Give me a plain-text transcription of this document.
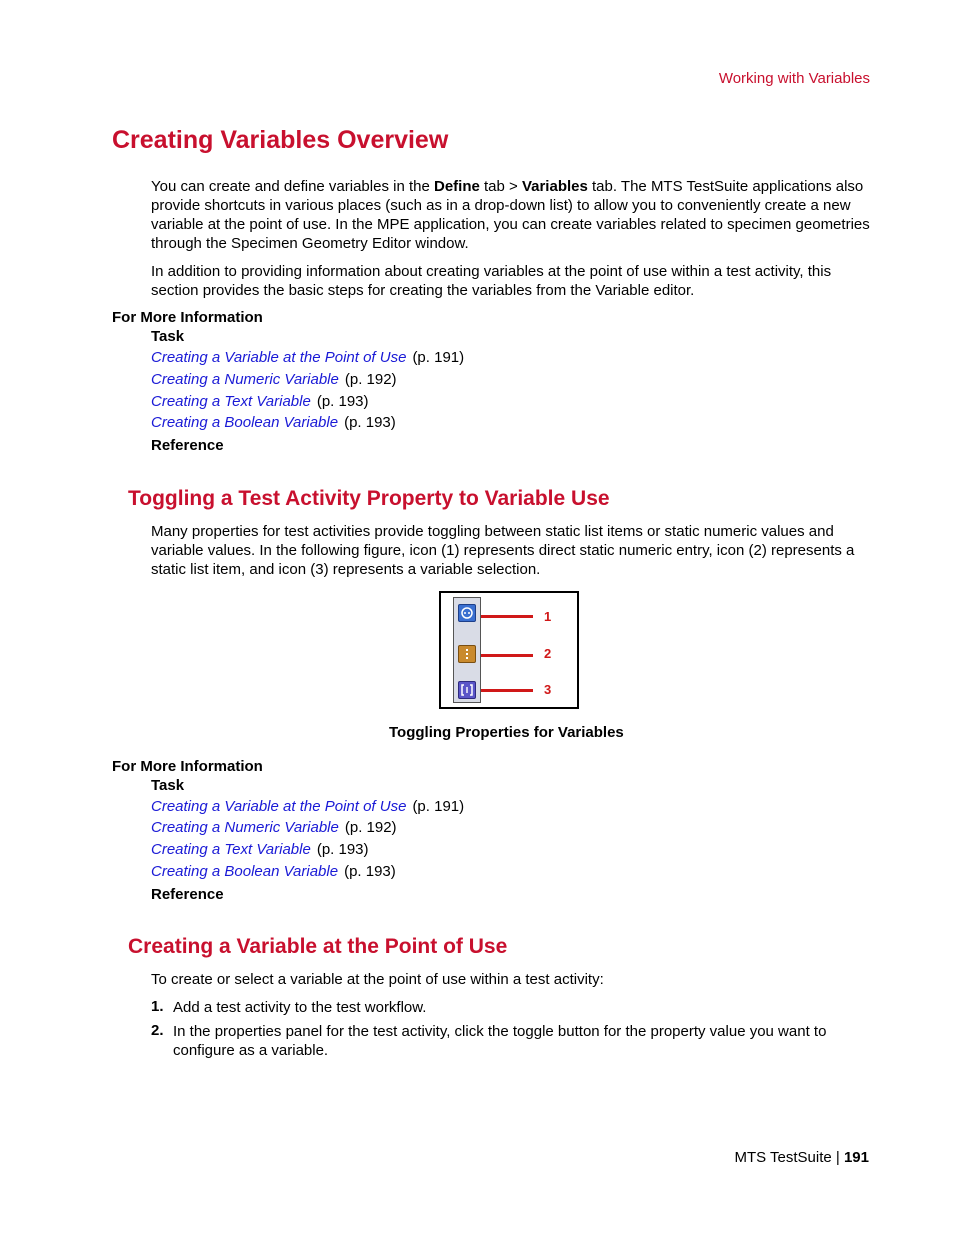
Working with Variables
Creating Variables Overview

You can create and define variables in the Define tab > Variables tab. The MTS TestSuite applications also provide shortcuts in various places (such as in a drop-down list) to allow you to conveniently create a new variable at the point of use. In the MPE application, you can create variables related to specimen geometries through the Specimen Geometry Editor window.

In addition to providing information about creating variables at the point of use within a test activity, this section provides the basic steps for creating the variables from the Variable editor.

For More Information
Task
Creating a Variable at the Point of Use (p. 191)
Creating a Numeric Variable (p. 192)
Creating a Text Variable (p. 193)
Creating a Boolean Variable (p. 193)
Reference
Toggling a Test Activity Property to Variable Use

Many properties for test activities provide toggling between static list items or static numeric values and variable values. In the following figure, icon (1) represents direct static numeric entry, icon (2) represents a static list item, and icon (3) represents a variable selection.

1
2
3
Toggling Properties for Variables
For More Information
Task
Creating a Variable at the Point of Use (p. 191)
Creating a Numeric Variable (p. 192)
Creating a Text Variable (p. 193)
Creating a Boolean Variable (p. 193)
Reference
Creating a Variable at the Point of Use

To create or select a variable at the point of use within a test activity:

1. Add a test activity to the test workflow.

2. In the properties panel for the test activity, click the toggle button for the property value you want to configure as a variable.

MTS TestSuite | 191
